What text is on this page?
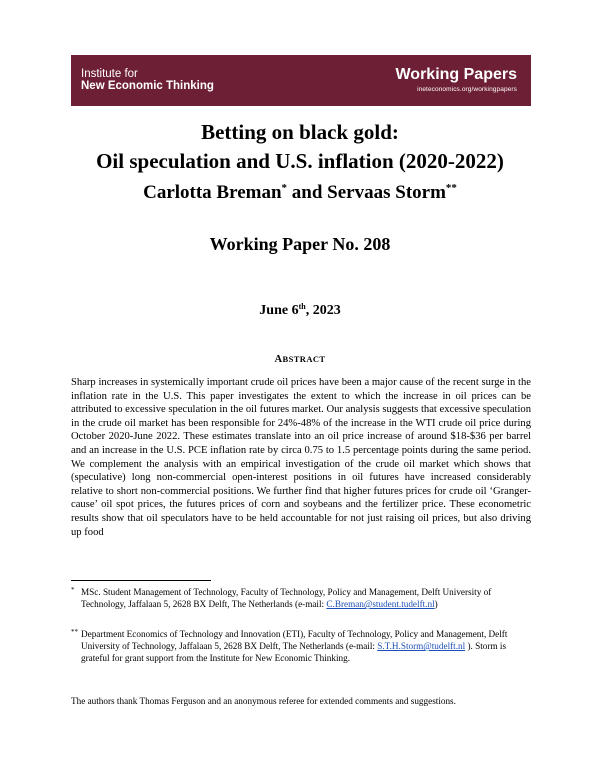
Institute for
New Economic Thinking
Working Papers
ineteconomics.org/workingpapers
Betting on black gold:
Oil speculation and U.S. inflation (2020-2022)
Carlotta Breman* and Servaas Storm**
Working Paper No. 208
June 6th, 2023
ABSTRACT
Sharp increases in systemically important crude oil prices have been a major cause of the recent surge in the inflation rate in the U.S. This paper investigates the extent to which the increase in oil prices can be attributed to excessive speculation in the oil futures market. Our analysis suggests that excessive speculation in the crude oil market has been responsible for 24%-48% of the increase in the WTI crude oil price during October 2020-June 2022. These estimates translate into an oil price increase of around $18-$36 per barrel and an increase in the U.S. PCE inflation rate by circa 0.75 to 1.5 percentage points during the same period. We complement the analysis with an empirical investigation of the crude oil market which shows that (speculative) long non-commercial open-interest positions in oil futures have increased considerably relative to short non-commercial positions. We further find that higher futures prices for crude oil ‘Granger-cause’ oil spot prices, the futures prices of corn and soybeans and the fertilizer price. These econometric results show that oil speculators have to be held accountable for not just raising oil prices, but also driving up food
* MSc. Student Management of Technology, Faculty of Technology, Policy and Management, Delft University of Technology, Jaffalaan 5, 2628 BX Delft, The Netherlands (e-mail: C.Breman@student.tudelft.nl)
** Department Economics of Technology and Innovation (ETI), Faculty of Technology, Policy and Management, Delft University of Technology, Jaffalaan 5, 2628 BX Delft, The Netherlands (e-mail: S.T.H.Storm@tudelft.nl ). Storm is grateful for grant support from the Institute for New Economic Thinking.
The authors thank Thomas Ferguson and an anonymous referee for extended comments and suggestions.
